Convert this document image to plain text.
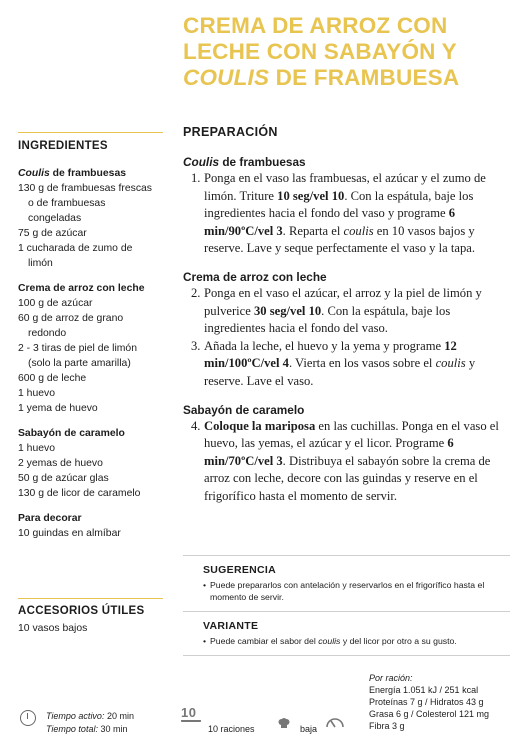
CREMA DE ARROZ CON
LECHE CON SABAYÓN Y
COULIS DE FRAMBUESA
INGREDIENTES
Coulis de frambuesas
130 g de frambuesas frescas
o de frambuesas
congeladas
75 g de azúcar
1 cucharada de zumo de
limón
Crema de arroz con leche
100 g de azúcar
60 g de arroz de grano
redondo
2 - 3 tiras de piel de limón
(solo la parte amarilla)
600 g de leche
1 huevo
1 yema de huevo
Sabayón de caramelo
1 huevo
2 yemas de huevo
50 g de azúcar glas
130 g de licor de caramelo
Para decorar
10 guindas en almíbar
ACCESORIOS ÚTILES
10 vasos bajos
PREPARACIÓN
Coulis de frambuesas
1. Ponga en el vaso las frambuesas, el azúcar y el zumo de limón. Triture 10 seg/vel 10. Con la espátula, baje los ingredientes hacia el fondo del vaso y programe 6 min/90ºC/vel 3. Reparta el coulis en 10 vasos bajos y reserve. Lave y seque perfectamente el vaso y la tapa.
Crema de arroz con leche
2. Ponga en el vaso el azúcar, el arroz y la piel de limón y pulverice 30 seg/vel 10. Con la espátula, baje los ingredientes hacia el fondo del vaso.
3. Añada la leche, el huevo y la yema y programe 12 min/100ºC/vel 4. Vierta en los vasos sobre el coulis y reserve. Lave el vaso.
Sabayón de caramelo
4. Coloque la mariposa en las cuchillas. Ponga en el vaso el huevo, las yemas, el azúcar y el licor. Programe 6 min/70ºC/vel 3. Distribuya el sabayón sobre la crema de arroz con leche, decore con las guindas y reserve en el frigorífico hasta el momento de servir.
SUGERENCIA
• Puede prepararlos con antelación y reservarlos en el frigorífico hasta el momento de servir.
VARIANTE
• Puede cambiar el sabor del coulis y del licor por otro a su gusto.
Tiempo activo: 20 min
Tiempo total: 30 min
10
10 raciones	baja
Por ración:
Energía 1.051 kJ / 251 kcal
Proteínas 7 g / Hidratos 43 g
Grasa 6 g / Colesterol 121 mg
Fibra 3 g
